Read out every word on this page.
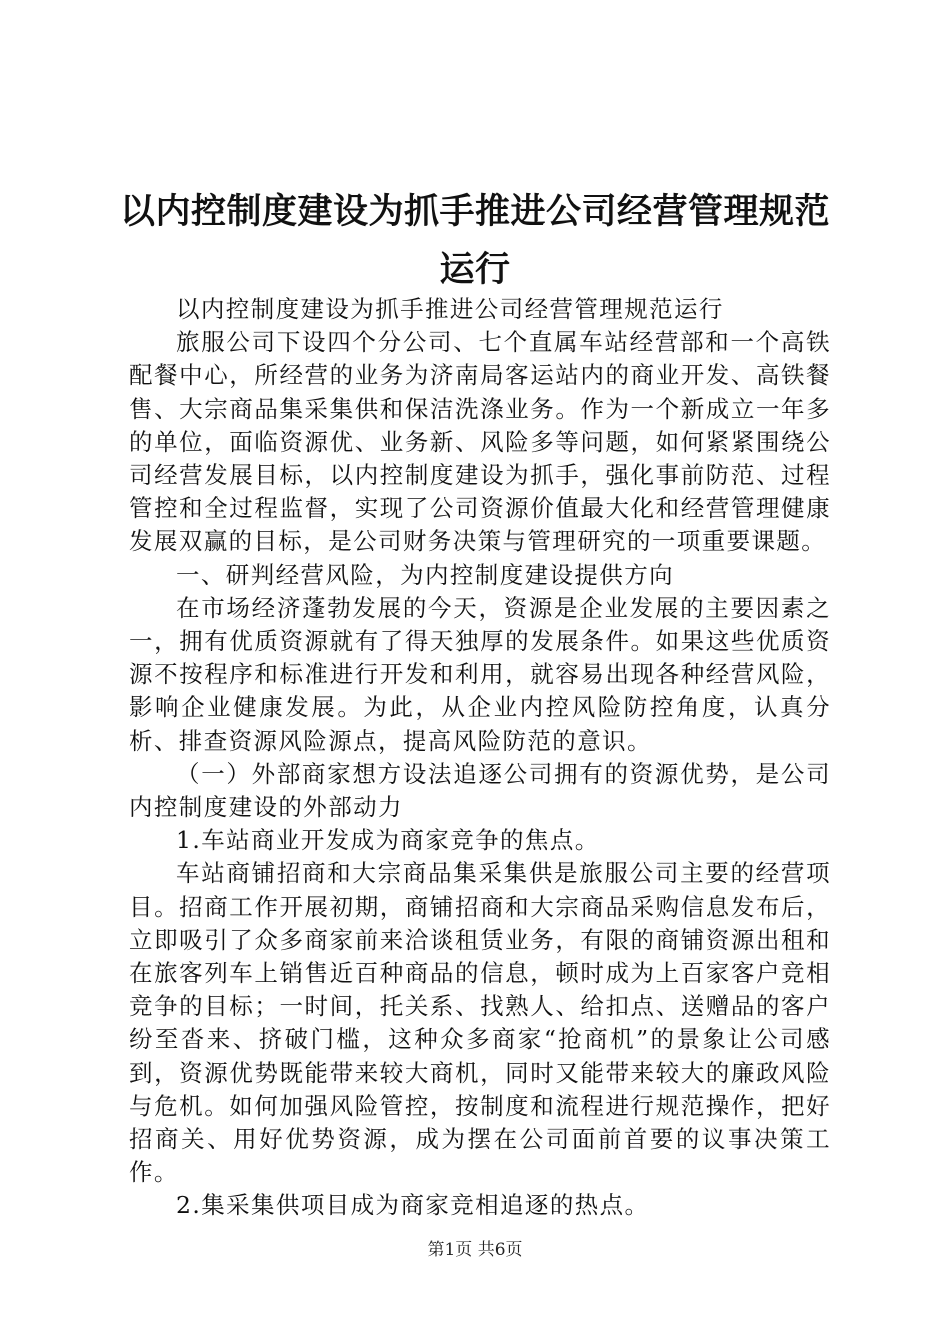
以内控制度建设为抓手推进公司经营管理规范
运行

以内控制度建设为抓手推进公司经营管理规范运行

旅服公司下设四个分公司、七个直属车站经营部和一个高铁配餐中心，所经营的业务为济南局客运站内的商业开发、高铁餐售、大宗商品集采集供和保洁洗涤业务。作为一个新成立一年多的单位，面临资源优、业务新、风险多等问题，如何紧紧围绕公司经营发展目标，以内控制度建设为抓手，强化事前防范、过程管控和全过程监督，实现了公司资源价值最大化和经营管理健康发展双赢的目标，是公司财务决策与管理研究的一项重要课题。

一、研判经营风险，为内控制度建设提供方向

在市场经济蓬勃发展的今天，资源是企业发展的主要因素之一，拥有优质资源就有了得天独厚的发展条件。如果这些优质资源不按程序和标准进行开发和利用，就容易出现各种经营风险，影响企业健康发展。为此，从企业内控风险防控角度，认真分析、排查资源风险源点，提高风险防范的意识。

（一）外部商家想方设法追逐公司拥有的资源优势，是公司内控制度建设的外部动力

1.车站商业开发成为商家竞争的焦点。

车站商铺招商和大宗商品集采集供是旅服公司主要的经营项目。招商工作开展初期，商铺招商和大宗商品采购信息发布后，立即吸引了众多商家前来洽谈租赁业务，有限的商铺资源出租和在旅客列车上销售近百种商品的信息，顿时成为上百家客户竞相竞争的目标；一时间，托关系、找熟人、给扣点、送赠品的客户纷至沓来、挤破门槛，这种众多商家“抢商机”的景象让公司感到，资源优势既能带来较大商机，同时又能带来较大的廉政风险与危机。如何加强风险管控，按制度和流程进行规范操作，把好招商关、用好优势资源，成为摆在公司面前首要的议事决策工作。

2.集采集供项目成为商家竞相追逐的热点。

第1页 共6页
